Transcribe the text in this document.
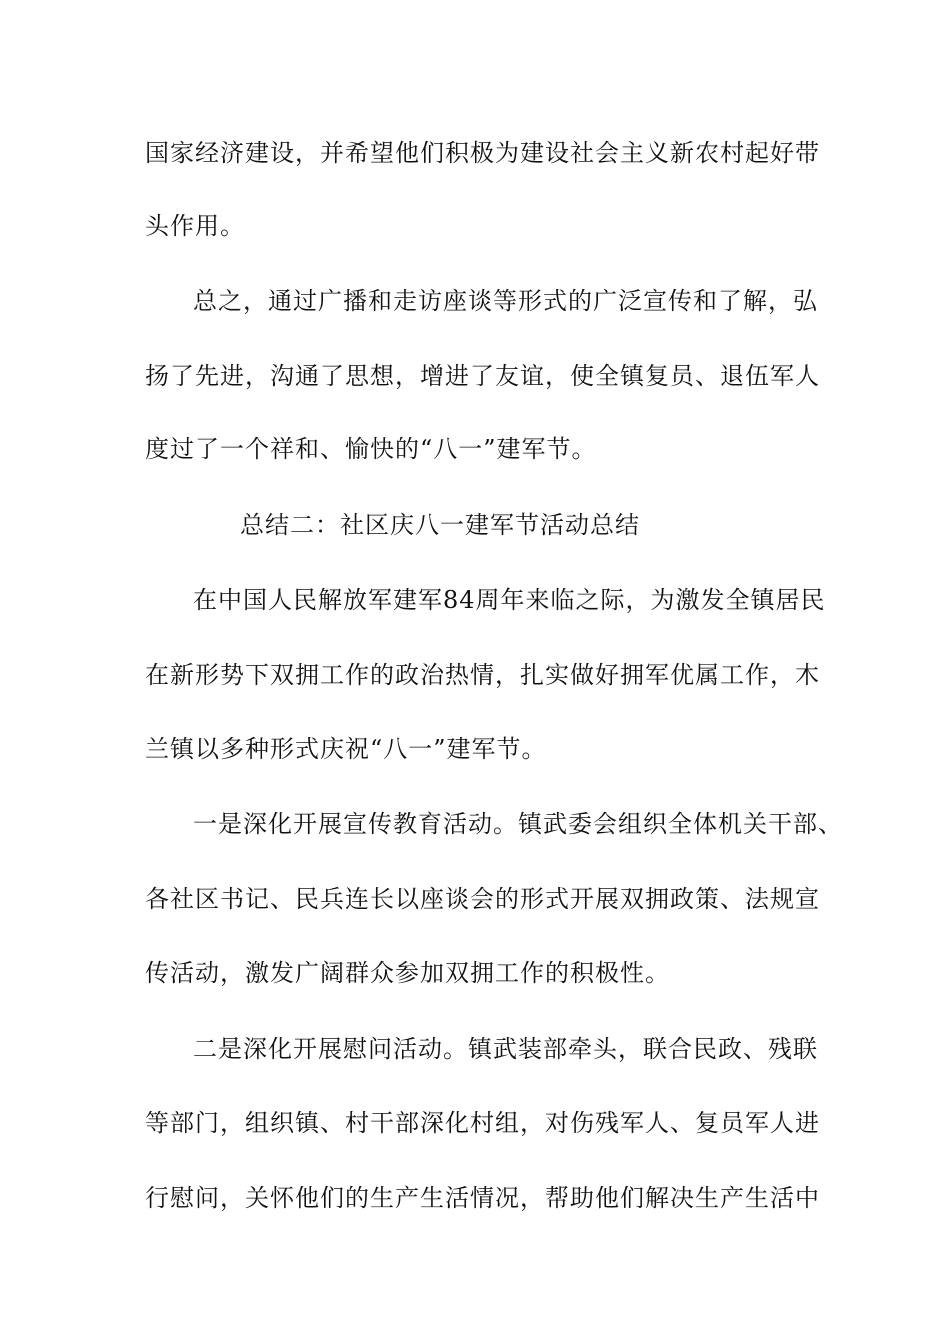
国家经济建设，并希望他们积极为建设社会主义新农村起好带
头作用。
总之，通过广播和走访座谈等形式的广泛宣传和了解，弘
扬了先进，沟通了思想，增进了友谊，使全镇复员、退伍军人
度过了一个祥和、愉快的“八一”建军节。
总结二：社区庆八一建军节活动总结
在中国人民解放军建军84周年来临之际，为激发全镇居民
在新形势下双拥工作的政治热情，扎实做好拥军优属工作，木
兰镇以多种形式庆祝“八一”建军节。
一是深化开展宣传教育活动。镇武委会组织全体机关干部、
各社区书记、民兵连长以座谈会的形式开展双拥政策、法规宣
传活动，激发广阔群众参加双拥工作的积极性。
二是深化开展慰问活动。镇武装部牵头，联合民政、残联
等部门，组织镇、村干部深化村组，对伤残军人、复员军人进
行慰问，关怀他们的生产生活情况，帮助他们解决生产生活中
